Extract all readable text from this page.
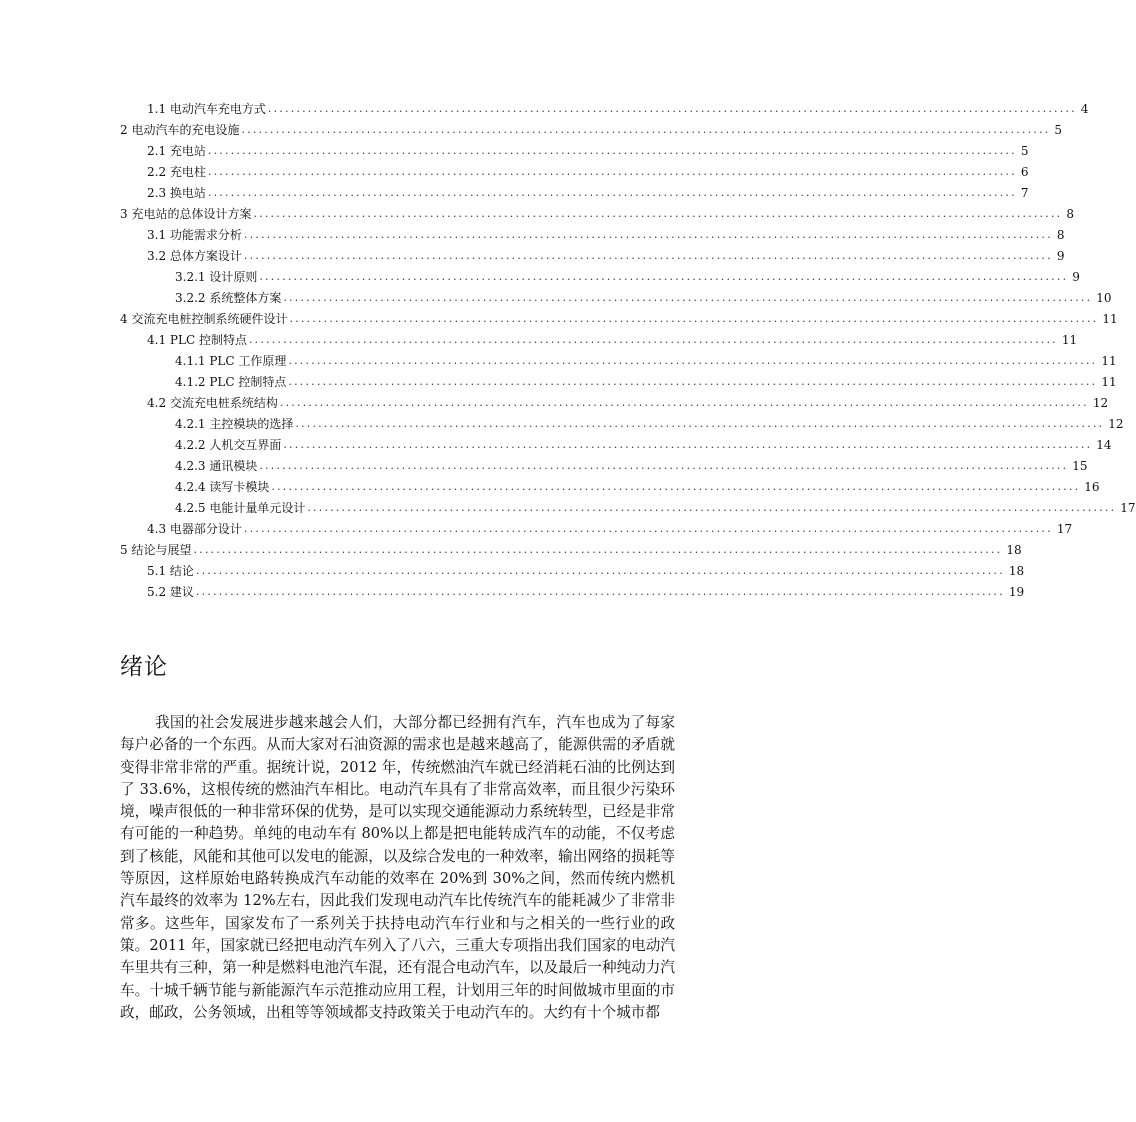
1.1 电动汽车充电方式 .............................................................................................................................................. 4
2 电动汽车的充电设施 .............................................................................................................................................. 5
2.1 充电站 .............................................................................................................................................. 5
2.2 充电柱 .............................................................................................................................................. 6
2.3 换电站 .............................................................................................................................................. 7
3 充电站的总体设计方案 .............................................................................................................................................. 8
3.1 功能需求分析 .............................................................................................................................................. 8
3.2 总体方案设计 .............................................................................................................................................. 9
3.2.1 设计原则 .............................................................................................................................................. 9
3.2.2 系统整体方案 .............................................................................................................................................. 10
4 交流充电桩控制系统硬件设计 .............................................................................................................................................. 11
4.1 PLC 控制特点 .............................................................................................................................................. 11
4.1.1 PLC 工作原理 .............................................................................................................................................. 11
4.1.2 PLC 控制特点 .............................................................................................................................................. 11
4.2 交流充电桩系统结构 .............................................................................................................................................. 12
4.2.1 主控模块的选择 .............................................................................................................................................. 12
4.2.2 人机交互界面 .............................................................................................................................................. 14
4.2.3 通讯模块 .............................................................................................................................................. 15
4.2.4 读写卡模块 .............................................................................................................................................. 16
4.2.5 电能计量单元设计 .............................................................................................................................................. 17
4.3 电器部分设计 .............................................................................................................................................. 17
5 结论与展望 .............................................................................................................................................. 18
5.1 结论 .............................................................................................................................................. 18
5.2 建议 .............................................................................................................................................. 19
绪论

我国的社会发展进步越来越会人们，大部分都已经拥有汽车，汽车也成为了每家每户必备的一个东西。从而大家对石油资源的需求也是越来越高了，能源供需的矛盾就变得非常非常的严重。据统计说，2012 年，传统燃油汽车就已经消耗石油的比例达到了 33.6%，这根传统的燃油汽车相比。电动汽车具有了非常高效率，而且很少污染环境，噪声很低的一种非常环保的优势，是可以实现交通能源动力系统转型，已经是非常有可能的一种趋势。单纯的电动车有 80%以上都是把电能转成汽车的动能，不仅考虑到了核能，风能和其他可以发电的能源，以及综合发电的一种效率，输出网络的损耗等等原因，这样原始电路转换成汽车动能的效率在 20%到 30%之间，然而传统内燃机汽车最终的效率为 12%左右，因此我们发现电动汽车比传统汽车的能耗减少了非常非常多。这些年，国家发布了一系列关于扶持电动汽车行业和与之相关的一些行业的政策。2011 年，国家就已经把电动汽车列入了八六，三重大专项指出我们国家的电动汽车里共有三种，第一种是燃料电池汽车混，还有混合电动汽车，以及最后一种纯动力汽车。十城千辆节能与新能源汽车示范推动应用工程，计划用三年的时间做城市里面的市政，邮政，公务领域，出租等等领域都支持政策关于电动汽车的。大约有十个城市都
